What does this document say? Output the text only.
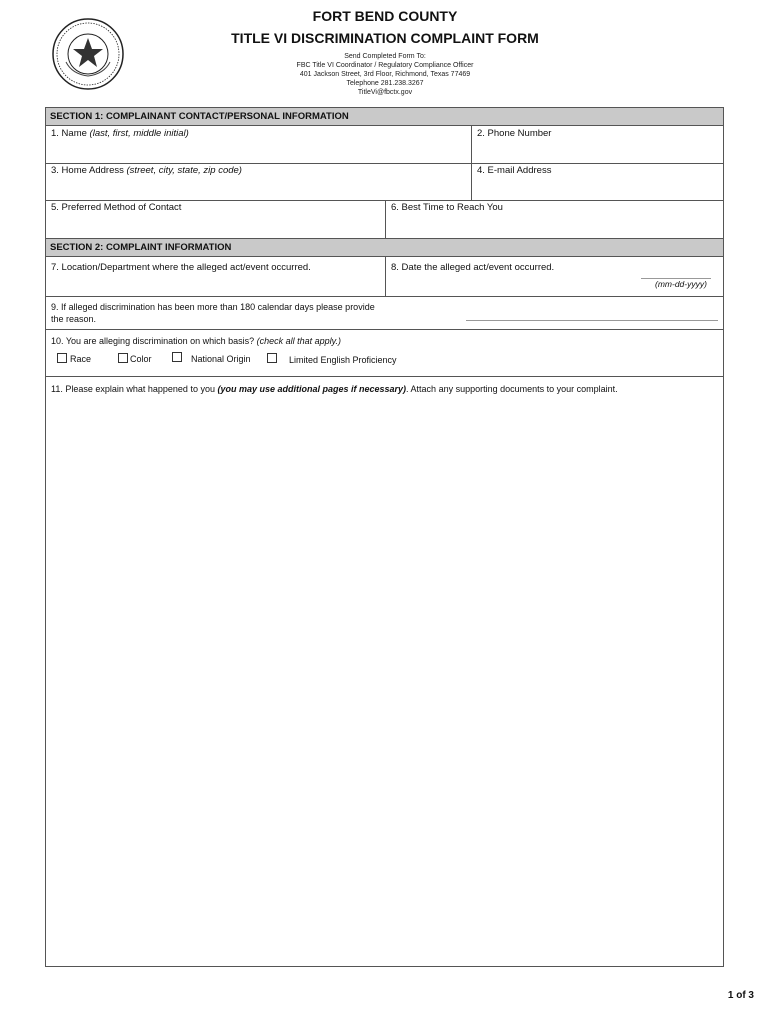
FORT BEND COUNTY
TITLE VI DISCRIMINATION COMPLAINT FORM
Send Completed Form To:
FBC Title VI Coordinator / Regulatory Compliance Officer
401 Jackson Street, 3rd Floor, Richmond, Texas 77469
Telephone 281.238.3267
TitleVi@fbctx.gov
SECTION 1: COMPLAINANT CONTACT/PERSONAL INFORMATION
1. Name (last, first, middle initial)	2. Phone Number
3. Home Address (street, city, state, zip code)	4. E-mail Address
5. Preferred Method of Contact	6. Best Time to Reach You
SECTION 2: COMPLAINT INFORMATION
7. Location/Department where the alleged act/event occurred.	8. Date the alleged act/event occurred.
(mm-dd-yyyy)
9. If alleged discrimination has been more than 180 calendar days please provide
the reason.
10. You are alleging discrimination on which basis? (check all that apply.)
Race	Color	National Origin	Limited English Proficiency
11. Please explain what happened to you (you may use additional pages if necessary). Attach any supporting documents to your complaint.
1 of 3
